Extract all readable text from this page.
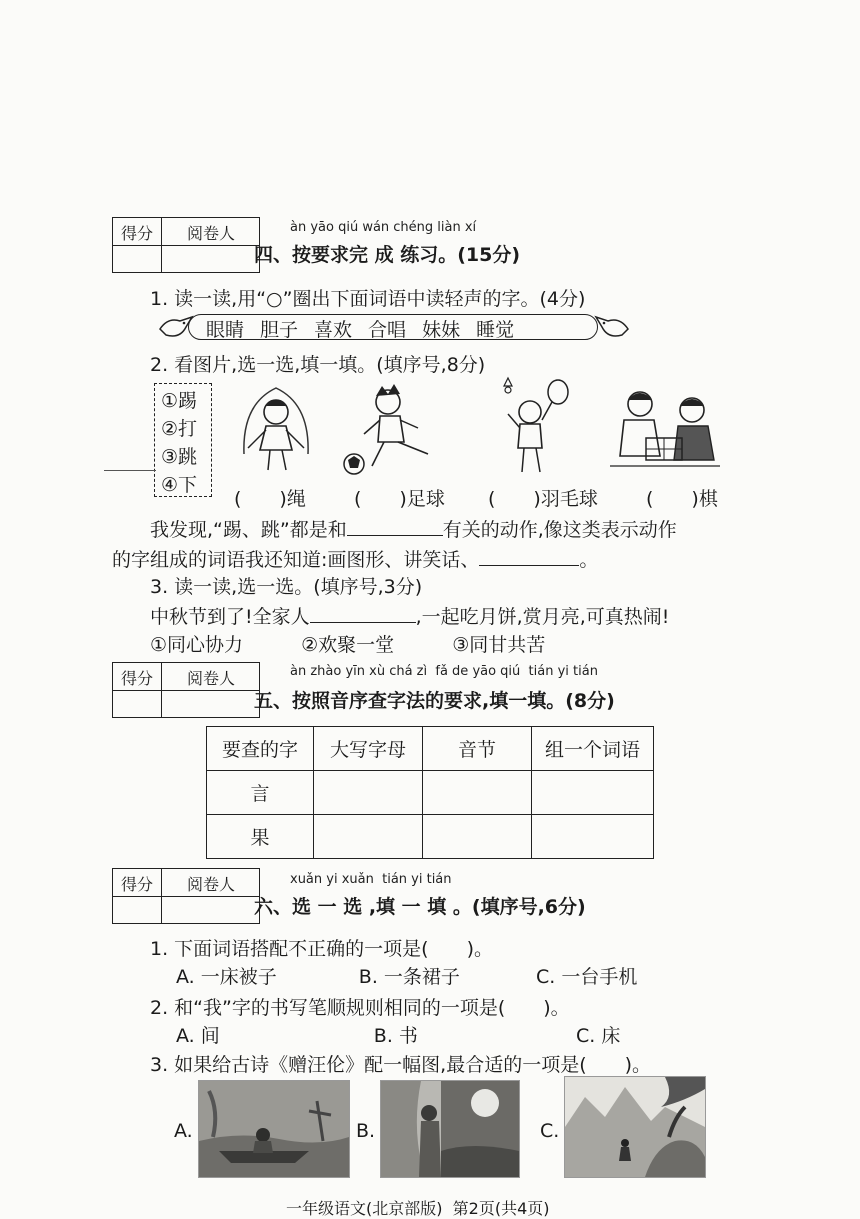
得分	阅卷人	àn yāo qiú wán chéng liàn xí
四、按要求完 成 练习。(15分)
1. 读一读,用“○”圈出下面词语中读轻声的字。(4分)
眼睛 胆子 喜欢 合唱 妹妹 睡觉
2. 看图片,选一选,填一填。(填序号,8分)
①踢
②打
③跳
④下
(　　)绳	(　　)足球 (　　)羽毛球	(　　)棋
我发现,“踢、跳”都是和	有关的动作,像这类表示动作
的字组成的词语我还知道:画图形、讲笑话、	。
3. 读一读,选一选。(填序号,3分)
中秋节到了!全家人	,一起吃月饼,赏月亮,可真热闹!
①同心协力	②欢聚一堂	③同甘共苦
得分	阅卷人	àn zhào yīn xù chá zì  fǎ de yāo qiú  tián yi tián
五、按照音序查字法的要求,填一填。(8分)
要查的字	大写字母	音节	组一个词语
言			
果			
得分	阅卷人	xuǎn yi xuǎn  tián yi tián
六、选 一 选 ,填 一 填 。(填序号,6分)
1. 下面词语搭配不正确的一项是(　　)。
A. 一床被子	B. 一条裙子	C. 一台手机
2. 和“我”字的书写笔顺规则相同的一项是(　　)。
A. 间	B. 书	C. 床
3. 如果给古诗《赠汪伦》配一幅图,最合适的一项是(　　)。
A.	B.	C.
一年级语文(北京部版)  第2页(共4页)
